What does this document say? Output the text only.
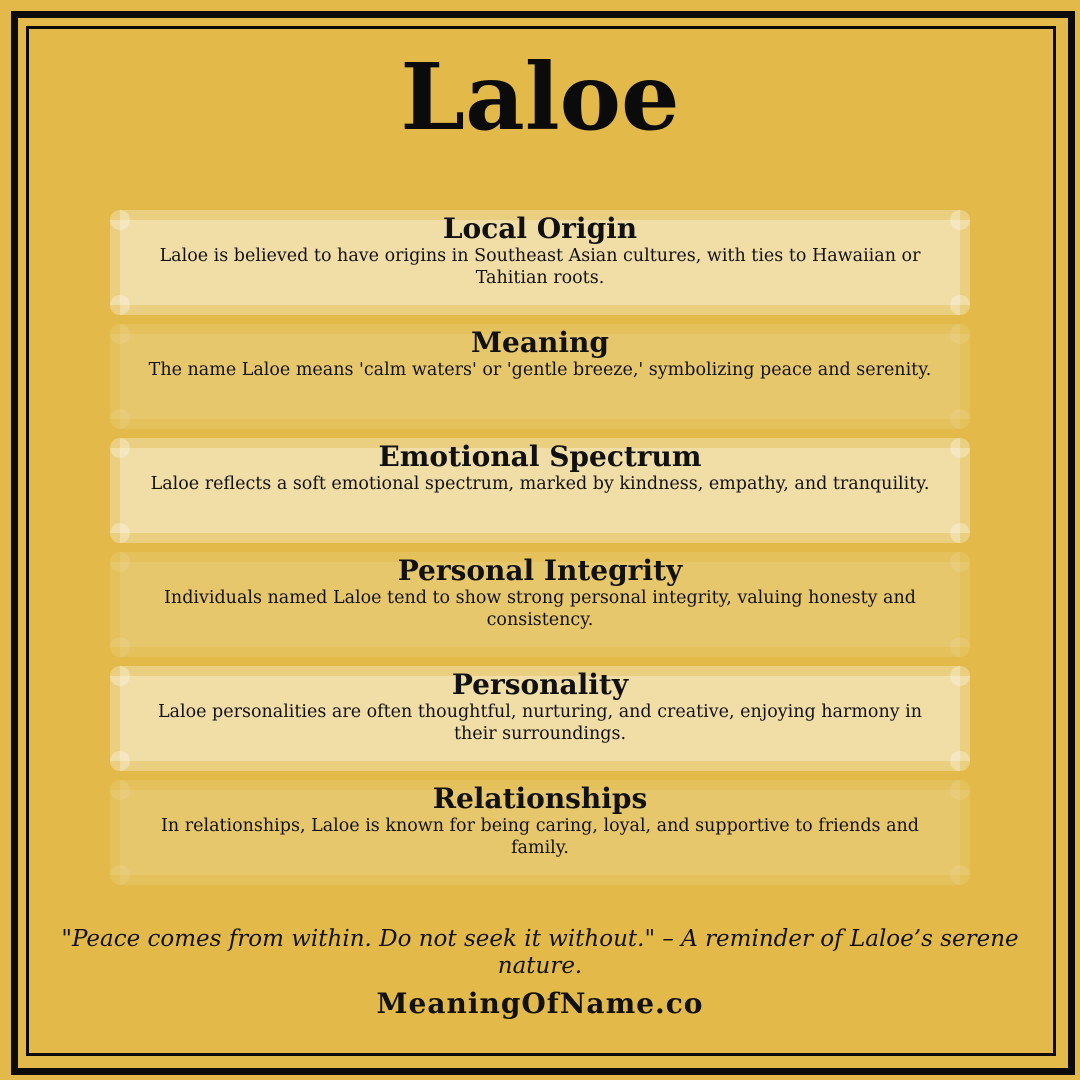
Laloe
Local Origin
Laloe is believed to have origins in Southeast Asian cultures, with ties to Hawaiian or Tahitian roots.
Meaning
The name Laloe means 'calm waters' or 'gentle breeze,' symbolizing peace and serenity.
Emotional Spectrum
Laloe reflects a soft emotional spectrum, marked by kindness, empathy, and tranquility.
Personal Integrity
Individuals named Laloe tend to show strong personal integrity, valuing honesty and consistency.
Personality
Laloe personalities are often thoughtful, nurturing, and creative, enjoying harmony in their surroundings.
Relationships
In relationships, Laloe is known for being caring, loyal, and supportive to friends and family.
"Peace comes from within. Do not seek it without." – A reminder of Laloe’s serene nature.
MeaningOfName.co
